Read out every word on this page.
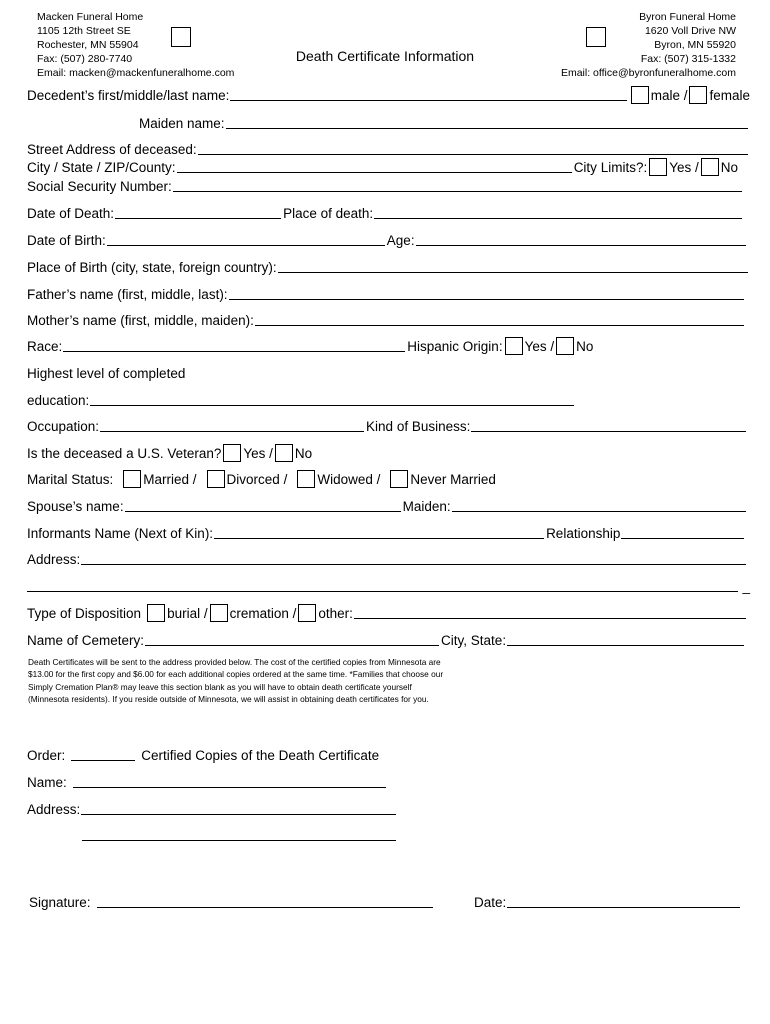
Macken Funeral Home
1105 12th Street SE
Rochester, MN 55904
Fax: (507) 280-7740
Email: macken@mackenfuneralhome.com
Death Certificate Information
Byron Funeral Home
1620 Voll Drive NW
Byron, MN 55920
Fax: (507) 315-1332
Email: office@byronfuneralhome.com
Decedent’s first/middle/last name:	male / female
Maiden name:
Street Address of deceased:
City / State / ZIP/County:	City Limits?: Yes / No
Social Security Number:
Date of Death:	Place of death:
Date of Birth:	Age:
Place of Birth (city, state, foreign country):
Father’s name (first, middle, last):
Mother’s name (first, middle, maiden):
Race:	Hispanic Origin: Yes / No
Highest level of completed
education:
Occupation:	Kind of Business:
Is the deceased a U.S. Veteran? Yes / No
Marital Status: Married / Divorced / Widowed / Never Married
Spouse’s name:	Maiden:
Informants Name (Next of Kin):	Relationship
Address:
_
Type of Disposition burial / cremation / other:
Name of Cemetery:	City, State:

Death Certificates will be sent to the address provided below. The cost of the certified copies from Minnesota are $13.00 for the first copy and $6.00 for each additional copies ordered at the same time. *Families that choose our Simply Cremation Plan® may leave this section blank as you will have to obtain death certificate yourself (Minnesota residents). If you reside outside of Minnesota, we will assist in obtaining death certificates for you.

Order:	Certified Copies of the Death Certificate
Name:
Address:
Signature:	Date:
